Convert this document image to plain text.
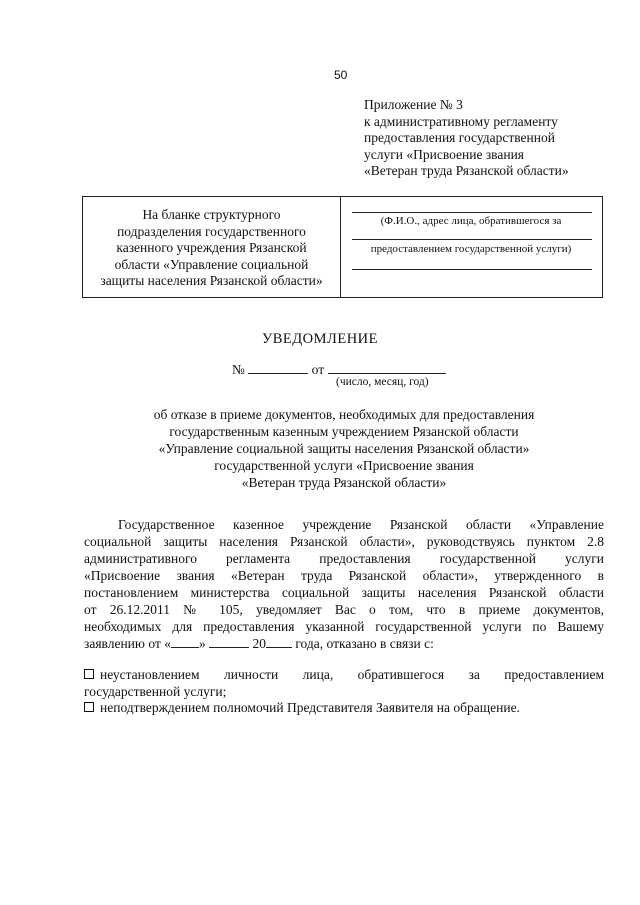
50
Приложение № 3
к административному регламенту
предоставления государственной
услуги «Присвоение звания
«Ветеран труда Рязанской области»
На бланке структурного
подразделения государственного
казенного учреждения Рязанской
области «Управление социальной
защиты населения Рязанской области»
(Ф.И.О., адрес лица, обратившегося за
предоставлением государственной услуги)
УВЕДОМЛЕНИЕ
№	от
(число, месяц, год)
об отказе в приеме документов, необходимых для предоставления
государственным казенным учреждением Рязанской области
«Управление социальной защиты населения Рязанской области»
государственной услуги «Присвоение звания
«Ветеран труда Рязанской области»
Государственное казенное учреждение Рязанской области «Управление
социальной защиты населения Рязанской области», руководствуясь пунктом 2.8
административного регламента предоставления государственной услуги
«Присвоение звания «Ветеран труда Рязанской области», утвержденного в
постановлением министерства социальной защиты населения Рязанской области
от 26.12.2011 № 105, уведомляет Вас о том, что в приеме документов,
необходимых для предоставления указанной государственной услуги по Вашему
заявлению от « »	20 года, отказано в связи с:
неустановлением личности лица, обратившегося за предоставлением
государственной услуги;
неподтверждением полномочий Представителя Заявителя на обращение.
